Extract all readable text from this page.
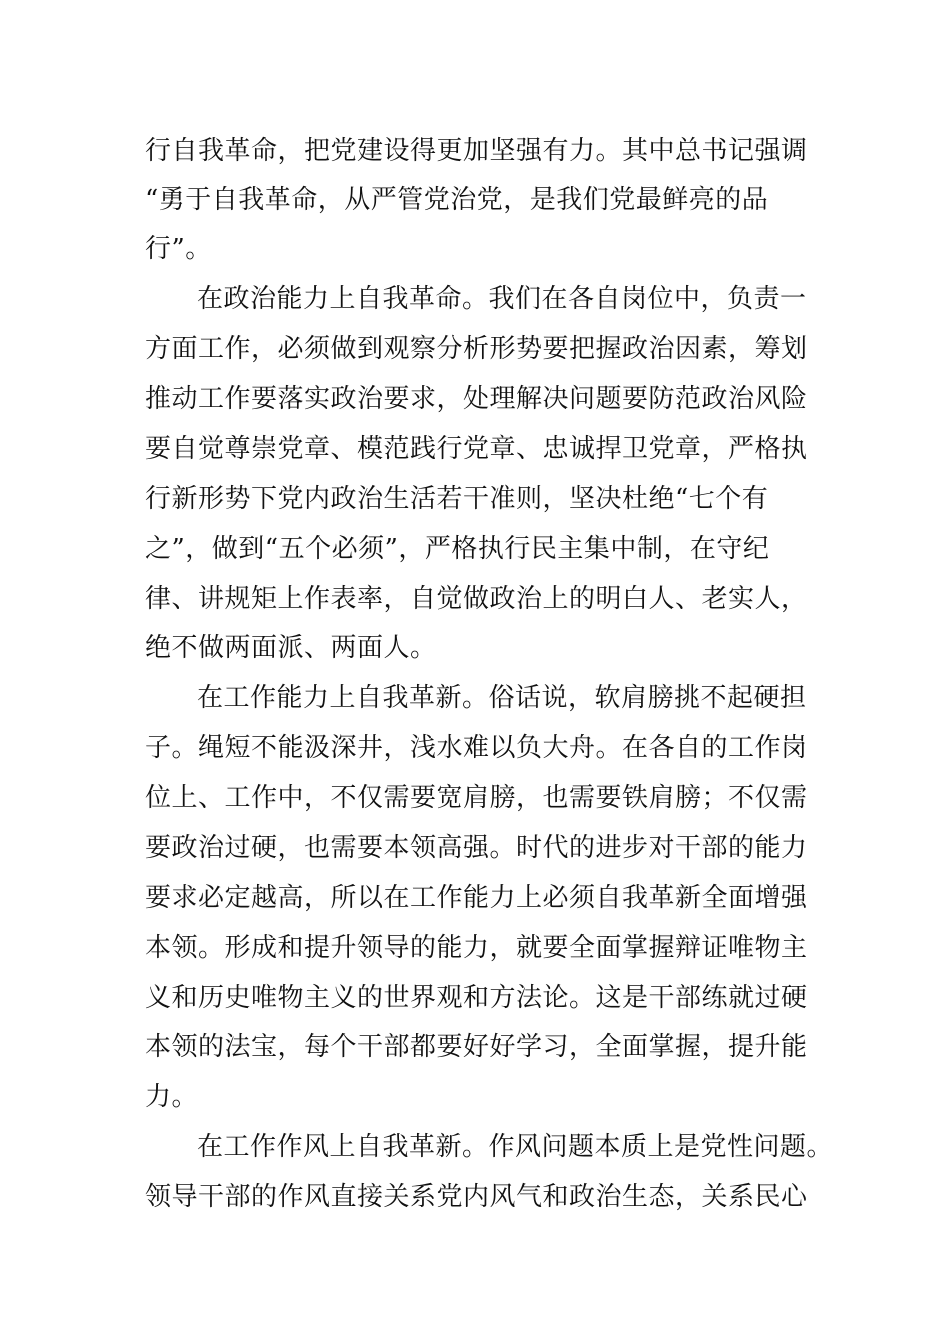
行自我革命，把党建设得更加坚强有力。其中总书记强调
“勇于自我革命，从严管党治党，是我们党最鲜亮的品
行”。
在政治能力上自我革命。我们在各自岗位中，负责一
方面工作，必须做到观察分析形势要把握政治因素，筹划
推动工作要落实政治要求，处理解决问题要防范政治风险
要自觉尊崇党章、模范践行党章、忠诚捍卫党章，严格执
行新形势下党内政治生活若干准则，坚决杜绝“七个有
之”，做到“五个必须”，严格执行民主集中制，在守纪
律、讲规矩上作表率，自觉做政治上的明白人、老实人，
绝不做两面派、两面人。
在工作能力上自我革新。俗话说，软肩膀挑不起硬担
子。绳短不能汲深井，浅水难以负大舟。在各自的工作岗
位上、工作中，不仅需要宽肩膀，也需要铁肩膀；不仅需
要政治过硬，也需要本领高强。时代的进步对干部的能力
要求必定越高，所以在工作能力上必须自我革新全面增强
本领。形成和提升领导的能力，就要全面掌握辩证唯物主
义和历史唯物主义的世界观和方法论。这是干部练就过硬
本领的法宝，每个干部都要好好学习，全面掌握，提升能
力。
在工作作风上自我革新。作风问题本质上是党性问题。
领导干部的作风直接关系党内风气和政治生态，关系民心
